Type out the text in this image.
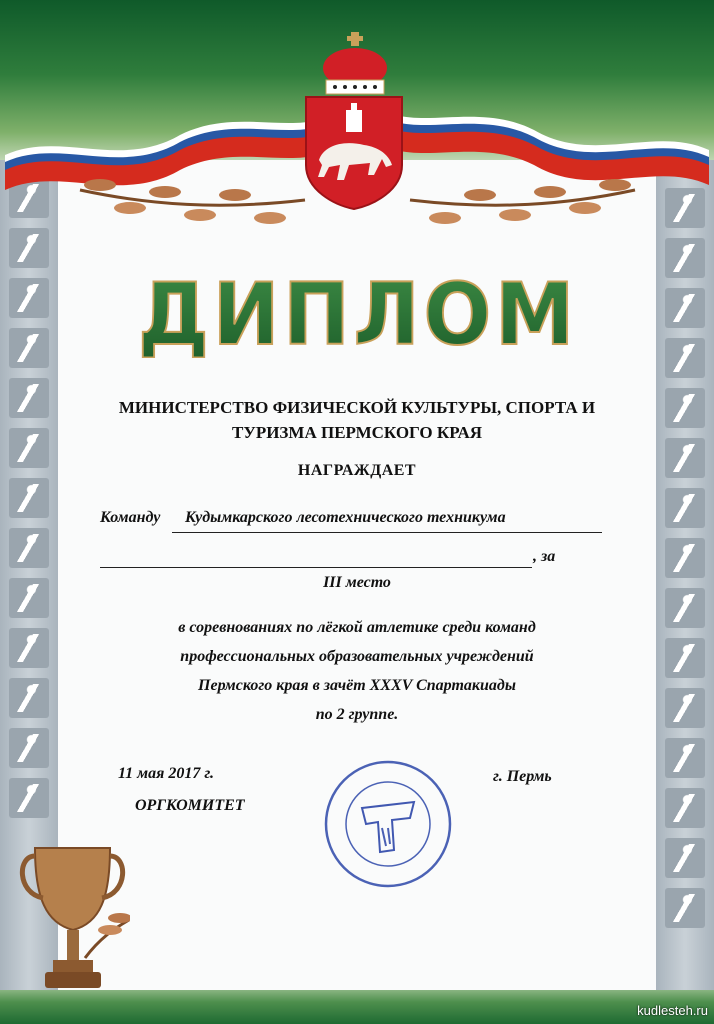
ДИПЛОМ
МИНИСТЕРСТВО ФИЗИЧЕСКОЙ КУЛЬТУРЫ, СПОРТА И
ТУРИЗМА ПЕРМСКОГО КРАЯ
НАГРАЖДАЕТ
Команду Кудымкарского лесотехнического техникума
, за
III место
в соревнованиях по лёгкой атлетике среди команд
профессиональных образовательных учреждений
Пермского края в зачёт XXXV Спартакиады
по 2 группе.
11 мая 2017 г.	г. Пермь
ОРГКОМИТЕТ
kudlesteh.ru
